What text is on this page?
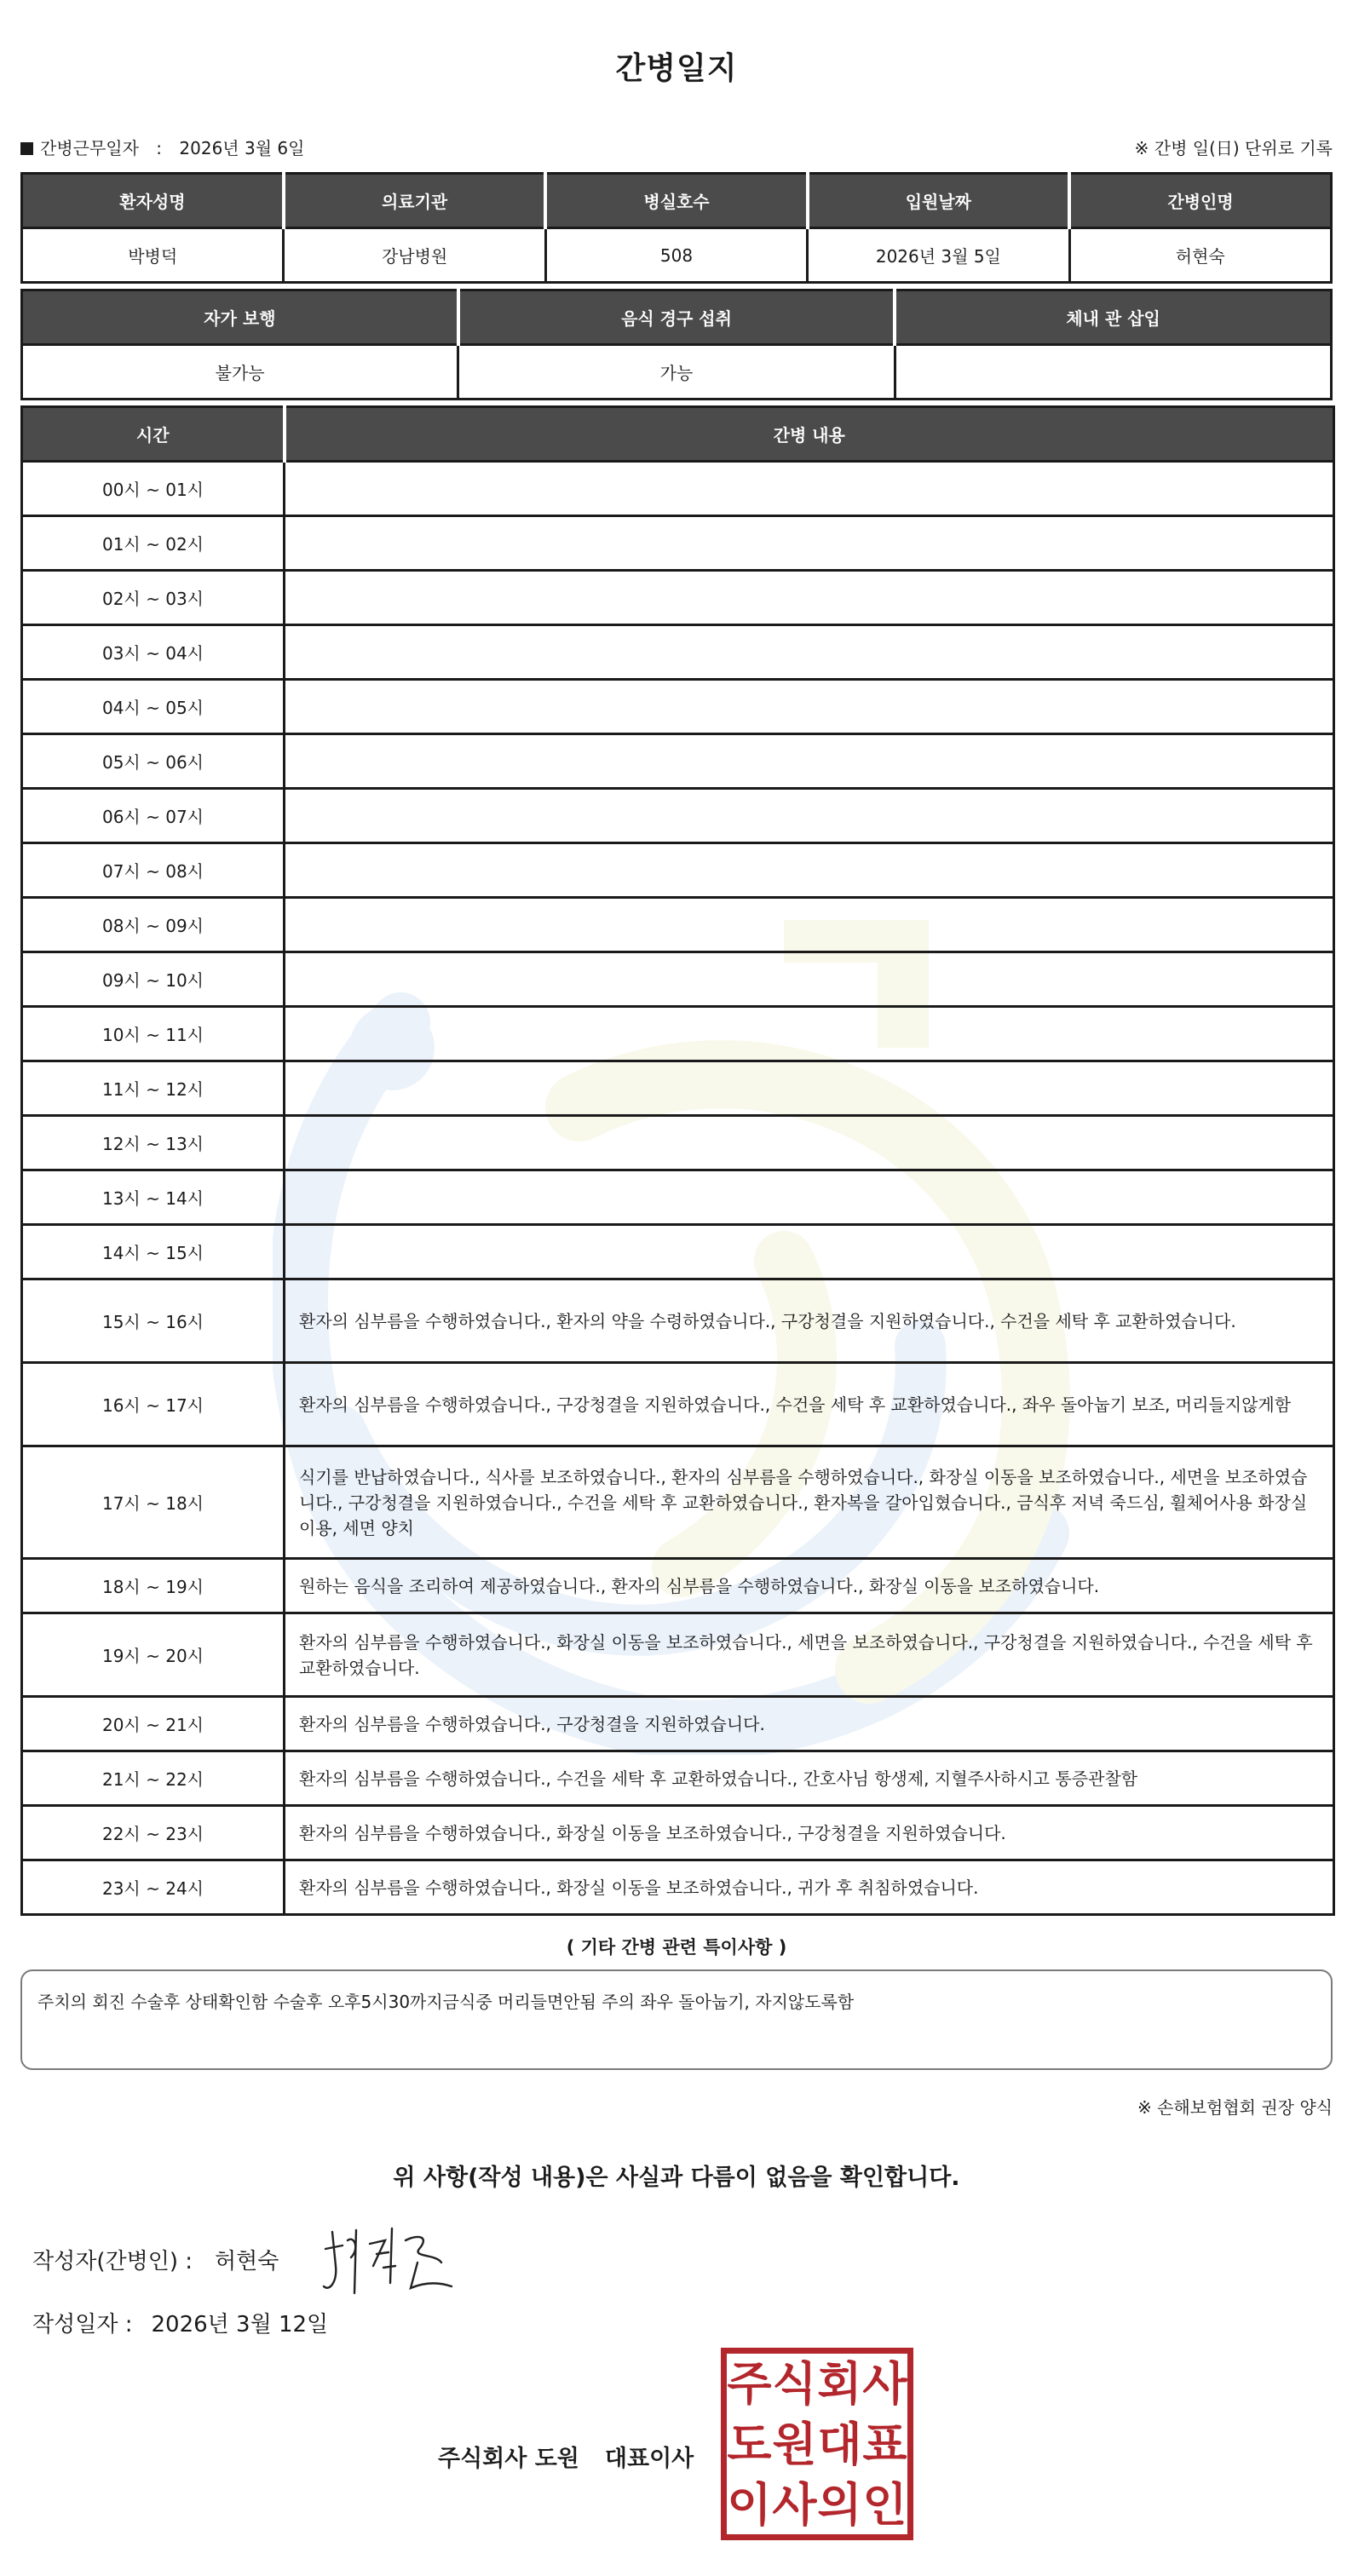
간병일지
간병근무일자 : 2026년 3월 6일	※ 간병 일(日) 단위로 기록
환자성명	의료기관	병실호수	입원날짜	간병인명
박병덕	강남병원	508	2026년 3월 5일	허현숙
자가 보행	음식 경구 섭취	체내 관 삽입
불가능	가능	
시간	간병 내용
00시 ~ 01시	
01시 ~ 02시	
02시 ~ 03시	
03시 ~ 04시	
04시 ~ 05시	
05시 ~ 06시	
06시 ~ 07시	
07시 ~ 08시	
08시 ~ 09시	
09시 ~ 10시	
10시 ~ 11시	
11시 ~ 12시	
12시 ~ 13시	
13시 ~ 14시	
14시 ~ 15시	
15시 ~ 16시	환자의 심부름을 수행하였습니다., 환자의 약을 수령하였습니다., 구강청결을 지원하였습니다., 수건을 세탁 후 교환하였습니다.
16시 ~ 17시	환자의 심부름을 수행하였습니다., 구강청결을 지원하였습니다., 수건을 세탁 후 교환하였습니다., 좌우 돌아눕기 보조, 머리들지않게함
17시 ~ 18시	식기를 반납하였습니다., 식사를 보조하였습니다., 환자의 심부름을 수행하였습니다., 화장실 이동을 보조하였습니다., 세면을 보조하였습니다., 구강청결을 지원하였습니다., 수건을 세탁 후 교환하였습니다., 환자복을 갈아입혔습니다., 금식후 저녁 죽드심, 휠체어사용 화장실이용, 세면 양치
18시 ~ 19시	원하는 음식을 조리하여 제공하였습니다., 환자의 심부름을 수행하였습니다., 화장실 이동을 보조하였습니다.
19시 ~ 20시	환자의 심부름을 수행하였습니다., 화장실 이동을 보조하였습니다., 세면을 보조하였습니다., 구강청결을 지원하였습니다., 수건을 세탁 후 교환하였습니다.
20시 ~ 21시	환자의 심부름을 수행하였습니다., 구강청결을 지원하였습니다.
21시 ~ 22시	환자의 심부름을 수행하였습니다., 수건을 세탁 후 교환하였습니다., 간호사님 항생제, 지혈주사하시고 통증관찰함
22시 ~ 23시	환자의 심부름을 수행하였습니다., 화장실 이동을 보조하였습니다., 구강청결을 지원하였습니다.
23시 ~ 24시	환자의 심부름을 수행하였습니다., 화장실 이동을 보조하였습니다., 귀가 후 취침하였습니다.
( 기타 간병 관련 특이사항 )
주치의 회진 수술후 상태확인함 수술후 오후5시30까지금식중 머리들면안됨 주의 좌우 돌아눕기, 자지않도록함
※ 손해보험협회 권장 양식
위 사항(작성 내용)은 사실과 다름이 없음을 확인합니다.
작성자(간병인) : 허현숙
작성일자 : 2026년 3월 12일
주식회사 도원 대표이사
주 식 회 사
도 원 대 표
이 사 의 인
